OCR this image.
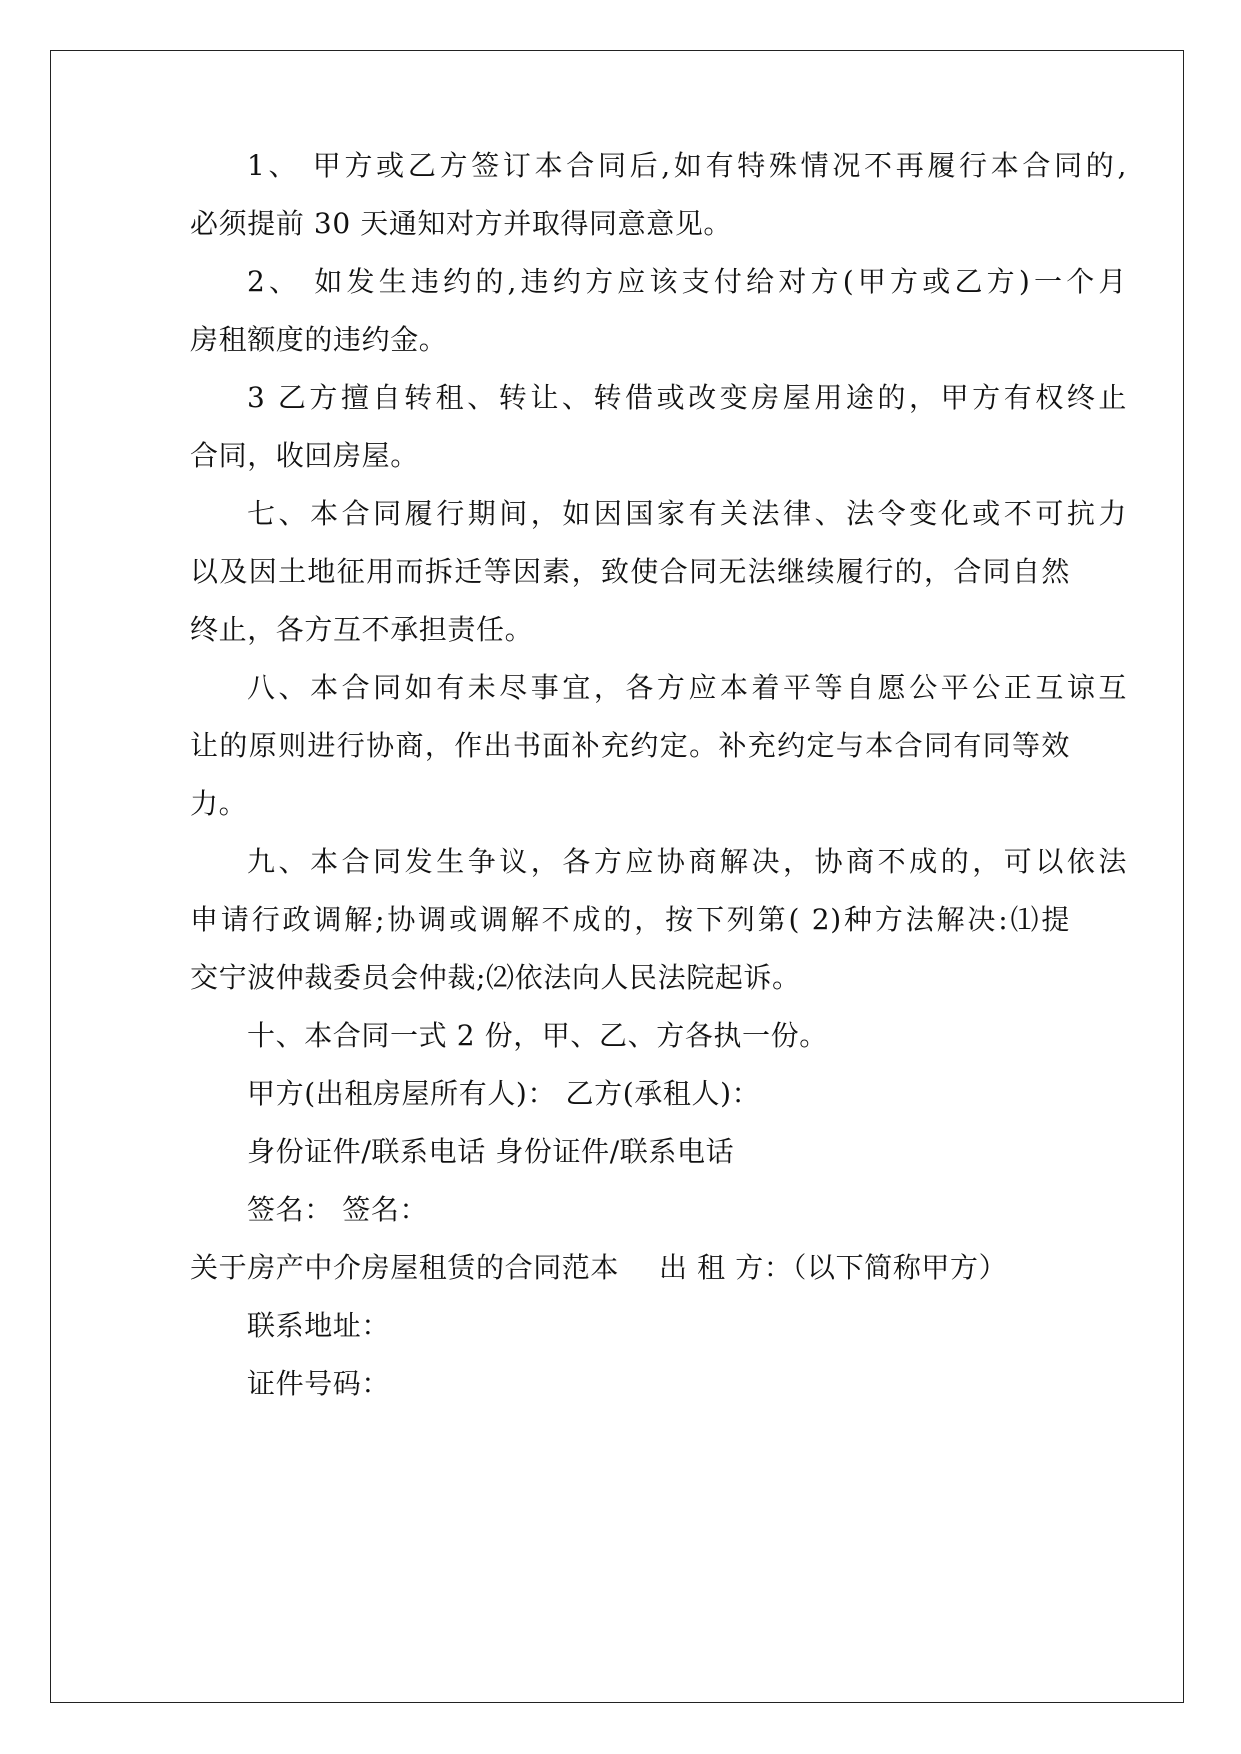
1、 甲方或乙方签订本合同后,如有特殊情况不再履行本合同的,
必须提前 30 天通知对方并取得同意意见。
2、 如发生违约的,违约方应该支付给对方(甲方或乙方)一个月
房租额度的违约金。
3 乙方擅自转租、转让、转借或改变房屋用途的，甲方有权终止
合同，收回房屋。
七、本合同履行期间，如因国家有关法律、法令变化或不可抗力
以及因土地征用而拆迁等因素，致使合同无法继续履行的，合同自然
终止，各方互不承担责任。
八、本合同如有未尽事宜，各方应本着平等自愿公平公正互谅互
让的原则进行协商，作出书面补充约定。补充约定与本合同有同等效
力。
九、本合同发生争议，各方应协商解决，协商不成的，可以依法
申请行政调解;协调或调解不成的，按下列第( 2)种方法解决:⑴提
交宁波仲裁委员会仲裁;⑵依法向人民法院起诉。
十、本合同一式 2 份，甲、乙、方各执一份。
甲方(出租房屋所有人)： 乙方(承租人)：
身份证件/联系电话 身份证件/联系电话
签名： 签名：
关于房产中介房屋租赁的合同范本 出 租 方：（以下简称甲方）
联系地址：
证件号码：
